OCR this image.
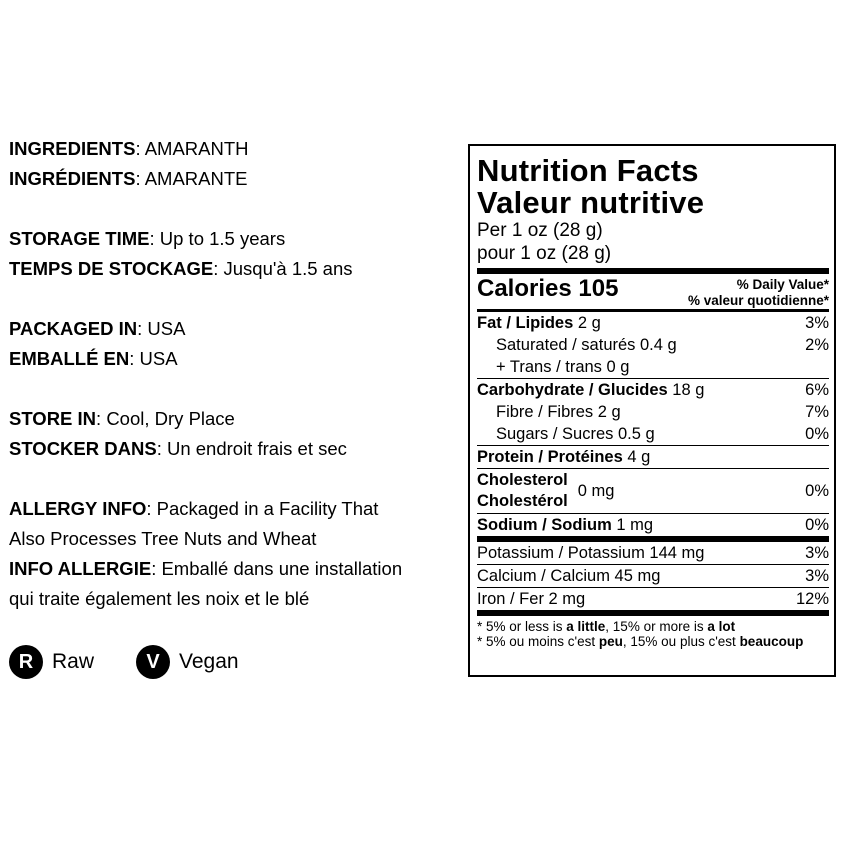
INGREDIENTS: AMARANTH
INGRÉDIENTS: AMARANTE
STORAGE TIME: Up to 1.5 years
TEMPS DE STOCKAGE: Jusqu'à 1.5 ans
PACKAGED IN: USA
EMBALLÉ EN: USA
STORE IN: Cool, Dry Place
STOCKER DANS: Un endroit frais et sec
ALLERGY INFO: Packaged in a Facility That
Also Processes Tree Nuts and Wheat
INFO ALLERGIE: Emballé dans une installation
qui traite également les noix et le blé
R Raw	V Vegan
Nutrition Facts
Valeur nutritive
Per 1 oz (28 g)
pour 1 oz (28 g)
Calories 105	% Daily Value*
% valeur quotidienne*
Fat / Lipides 2 g	3%
Saturated / saturés 0.4 g	2%
+ Trans / trans 0 g
Carbohydrate / Glucides 18 g	6%
Fibre / Fibres 2 g	7%
Sugars / Sucres 0.5 g	0%
Protein / Protéines 4 g
Cholesterol
Cholestérol
0 mg	0%
Sodium / Sodium 1 mg	0%
Potassium / Potassium 144 mg	3%
Calcium / Calcium 45 mg	3%
Iron / Fer 2 mg	12%
* 5% or less is a little, 15% or more is a lot
* 5% ou moins c'est peu, 15% ou plus c'est beaucoup
